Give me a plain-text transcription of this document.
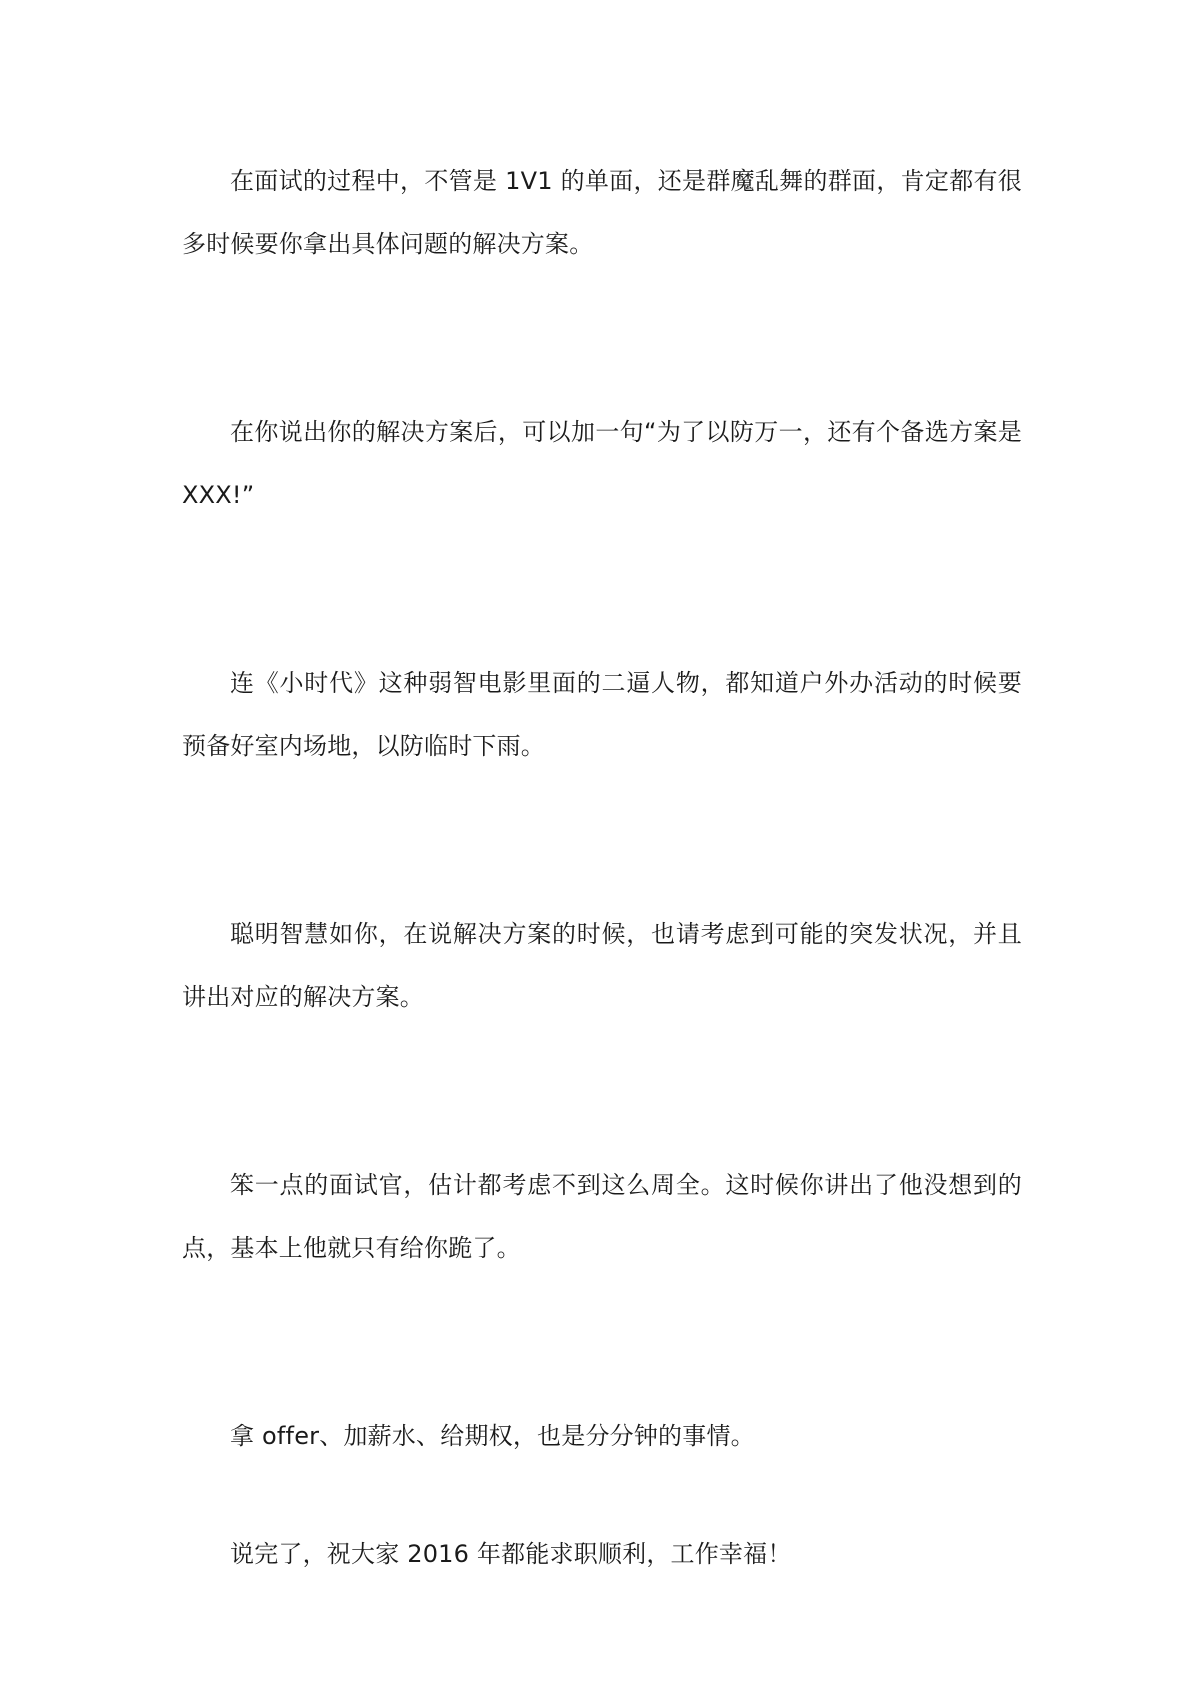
在面试的过程中，不管是 1V1 的单面，还是群魔乱舞的群面，肯定都有很多时候要你拿出具体问题的解决方案。

在你说出你的解决方案后，可以加一句“为了以防万一，还有个备选方案是 XXX!”

连《小时代》这种弱智电影里面的二逼人物，都知道户外办活动的时候要预备好室内场地，以防临时下雨。

聪明智慧如你，在说解决方案的时候，也请考虑到可能的突发状况，并且讲出对应的解决方案。

笨一点的面试官，估计都考虑不到这么周全。这时候你讲出了他没想到的点，基本上他就只有给你跪了。

拿 offer、加薪水、给期权，也是分分钟的事情。

说完了，祝大家 2016 年都能求职顺利，工作幸福！
